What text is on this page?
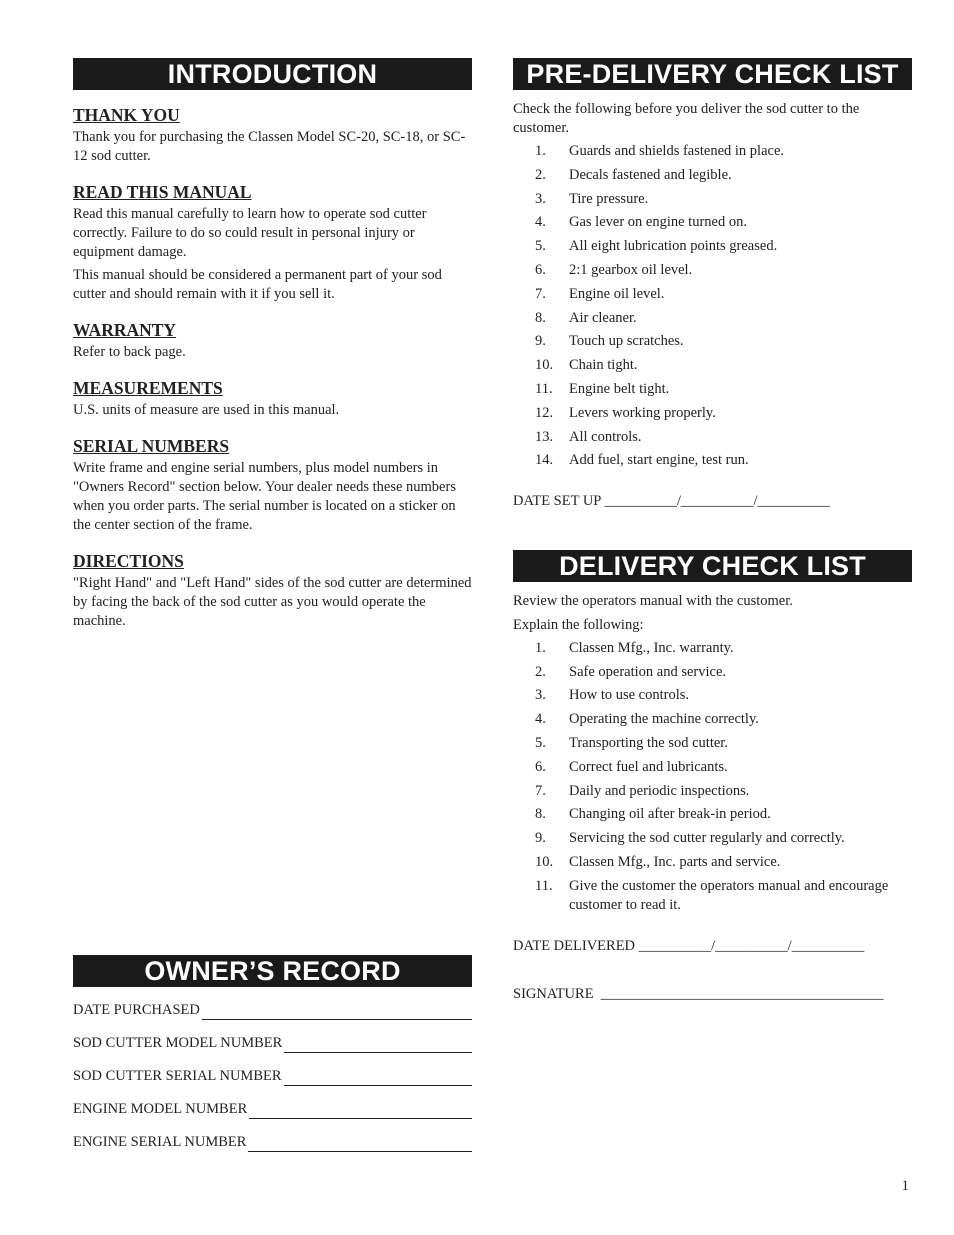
INTRODUCTION
THANK YOU

Thank you for purchasing the Classen Model SC-20, SC-18, or SC-12 sod cutter.

READ THIS MANUAL

Read this manual carefully to learn how to operate sod cutter correctly. Failure to do so could result in personal injury or equipment damage.

This manual should be considered a permanent part of your sod cutter and should remain with it if you sell it.

WARRANTY

Refer to back page.

MEASUREMENTS

U.S. units of measure are used in this manual.

SERIAL NUMBERS

Write frame and engine serial numbers, plus model numbers in "Owners Record" section below. Your dealer needs these numbers when you order parts. The serial number is located on a sticker on the center section of the frame.

DIRECTIONS

"Right Hand" and "Left Hand" sides of the sod cutter are determined by facing the back of the sod cutter as you would operate the machine.

OWNER’S RECORD
DATE PURCHASED
SOD CUTTER MODEL NUMBER
SOD CUTTER SERIAL NUMBER
ENGINE MODEL NUMBER
ENGINE SERIAL NUMBER
PRE-DELIVERY CHECK LIST

Check the following before you deliver the sod cutter to the customer.

1.	Guards and shields fastened in place.
2.	Decals fastened and legible.
3.	Tire pressure.
4.	Gas lever on engine turned on.
5.	All eight lubrication points greased.
6.	2:1 gearbox oil level.
7.	Engine oil level.
8.	Air cleaner.
9.	Touch up scratches.
10.	Chain tight.
11.	Engine belt tight.
12.	Levers working properly.
13.	All controls.
14.	Add fuel, start engine, test run.
DATE SET UP __________/__________/__________
DELIVERY CHECK LIST

Review the operators manual with the customer.

Explain the following:

1.	Classen Mfg., Inc. warranty.
2.	Safe operation and service.
3.	How to use controls.
4.	Operating the machine correctly.
5.	Transporting the sod cutter.
6.	Correct fuel and lubricants.
7.	Daily and periodic inspections.
8.	Changing oil after break-in period.
9.	Servicing the sod cutter regularly and correctly.
10.	Classen Mfg., Inc. parts and service.
11.	Give the customer the operators manual and encourage customer to read it.
DATE DELIVERED __________/__________/__________
SIGNATURE  _______________________________________
1
